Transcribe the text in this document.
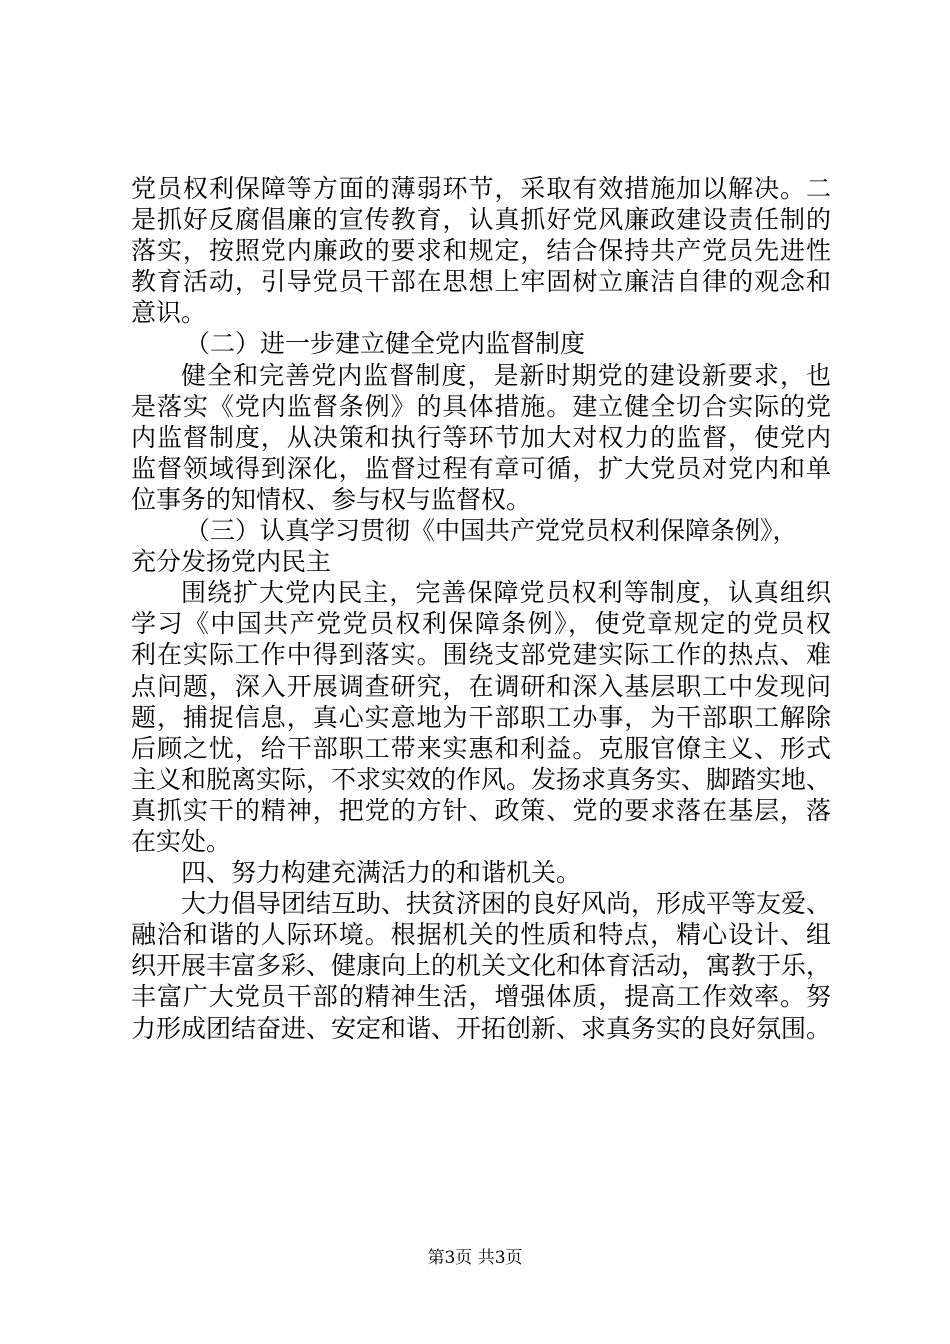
党员权利保障等方面的薄弱环节，采取有效措施加以解决。二
是抓好反腐倡廉的宣传教育，认真抓好党风廉政建设责任制的
落实，按照党内廉政的要求和规定，结合保持共产党员先进性
教育活动，引导党员干部在思想上牢固树立廉洁自律的观念和
意识。
（二）进一步建立健全党内监督制度
健全和完善党内监督制度，是新时期党的建设新要求，也
是落实《党内监督条例》的具体措施。建立健全切合实际的党
内监督制度，从决策和执行等环节加大对权力的监督，使党内
监督领域得到深化，监督过程有章可循，扩大党员对党内和单
位事务的知情权、参与权与监督权。
（三）认真学习贯彻《中国共产党党员权利保障条例》，
充分发扬党内民主
围绕扩大党内民主，完善保障党员权利等制度，认真组织
学习《中国共产党党员权利保障条例》，使党章规定的党员权
利在实际工作中得到落实。围绕支部党建实际工作的热点、难
点问题，深入开展调查研究，在调研和深入基层职工中发现问
题，捕捉信息，真心实意地为干部职工办事，为干部职工解除
后顾之忧，给干部职工带来实惠和利益。克服官僚主义、形式
主义和脱离实际，不求实效的作风。发扬求真务实、脚踏实地、
真抓实干的精神，把党的方针、政策、党的要求落在基层，落
在实处。
四、努力构建充满活力的和谐机关。
大力倡导团结互助、扶贫济困的良好风尚，形成平等友爱、
融洽和谐的人际环境。根据机关的性质和特点，精心设计、组
织开展丰富多彩、健康向上的机关文化和体育活动，寓教于乐，
丰富广大党员干部的精神生活，增强体质，提高工作效率。努
力形成团结奋进、安定和谐、开拓创新、求真务实的良好氛围。
第3页 共3页
